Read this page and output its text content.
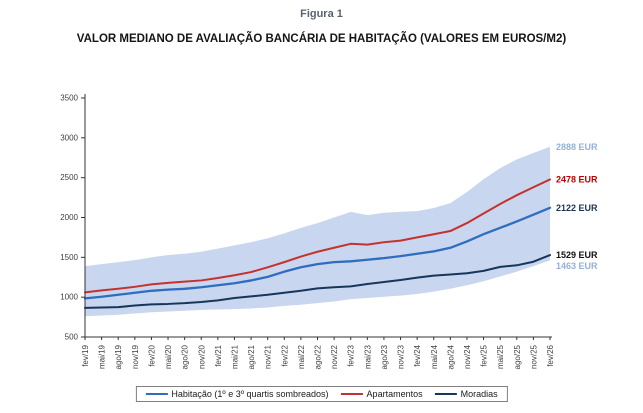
Figura 1
VALOR MEDIANO DE AVALIAÇÃO BANCÁRIA DE HABITAÇÃO (VALORES EM EUROS/M2)
500
1000
1500
2000
2500
3000
3500
fev/19 mai/19 ago/19 nov/19 fev/20 mai/20 ago/20 nov/20 fev/21 mai/21 ago/21 nov/21 fev/22 mai/22 ago/22 nov/22 fev/23 mai/23 ago/23 nov/23 fev/24 mai/24 ago/24 nov/24 fev/25 mai/25 ago/25 nov/25 fev/26
2888 EUR
2478 EUR
2122 EUR
1529 EUR
1463 EUR
Habitação (1º e 3º quartis sombreados)	Apartamentos	Moradias
